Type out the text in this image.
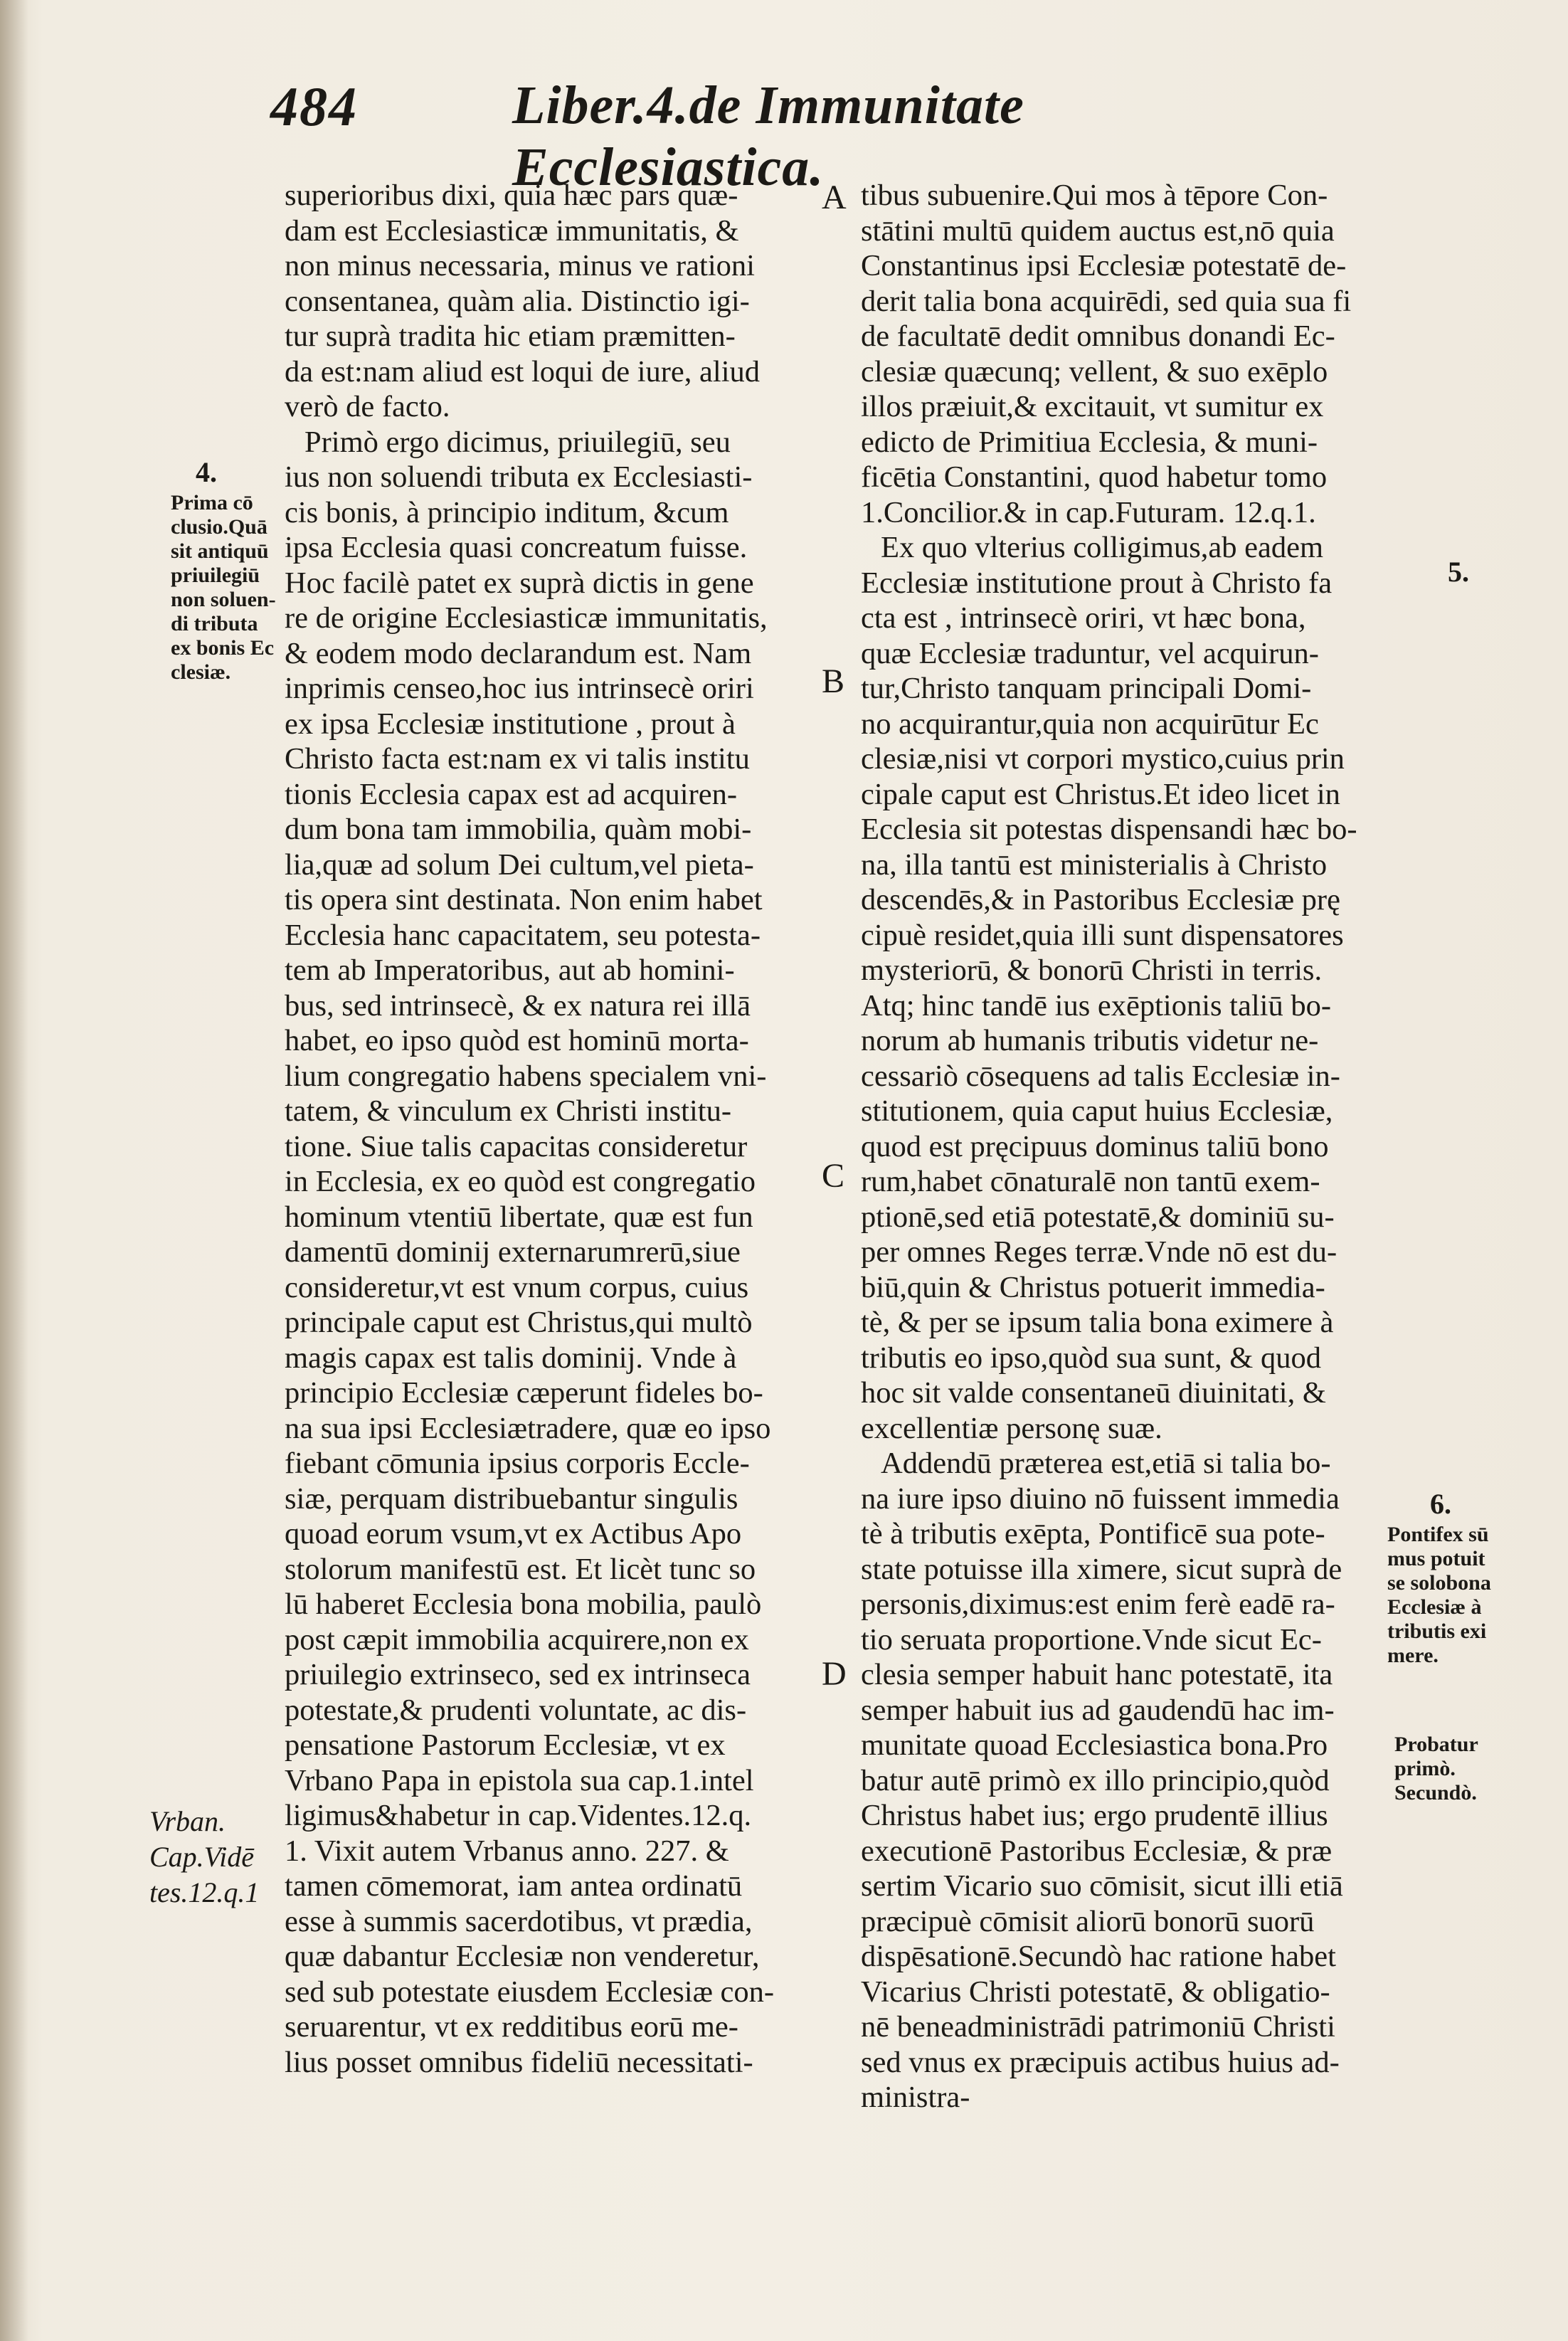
484	Liber.4.de Immunitate Ecclesiastica.
superioribus dixi, quia hæc pars quæ-
dam est Ecclesiasticæ immunitatis, &
non minus necessaria, minus ve rationi
consentanea, quàm alia. Distinctio igi-
tur suprà tradita hic etiam præmitten-
da est:nam aliud est loqui de iure, aliud
verò de facto.
Primò ergo dicimus, priuilegiū, seu
ius non soluendi tributa ex Ecclesiasti-
cis bonis, à principio inditum, &cum
ipsa Ecclesia quasi concreatum fuisse.
Hoc facilè patet ex suprà dictis in gene
re de origine Ecclesiasticæ immunitatis,
& eodem modo declarandum est. Nam
inprimis censeo,hoc ius intrinsecè oriri
ex ipsa Ecclesiæ institutione , prout à
Christo facta est:nam ex vi talis institu
tionis Ecclesia capax est ad acquiren-
dum bona tam immobilia, quàm mobi-
lia,quæ ad solum Dei cultum,vel pieta-
tis opera sint destinata. Non enim habet
Ecclesia hanc capacitatem, seu potesta-
tem ab Imperatoribus, aut ab homini-
bus, sed intrinsecè, & ex natura rei illā
habet, eo ipso quòd est hominū morta-
lium congregatio habens specialem vni-
tatem, & vinculum ex Christi institu-
tione. Siue talis capacitas consideretur
in Ecclesia, ex eo quòd est congregatio
hominum vtentiū libertate, quæ est fun
damentū dominij externarumrerū,siue
consideretur,vt est vnum corpus, cuius
principale caput est Christus,qui multò
magis capax est talis dominij. Vnde à
principio Ecclesiæ cæperunt fideles bo-
na sua ipsi Ecclesiætradere, quæ eo ipso
fiebant cōmunia ipsius corporis Eccle-
siæ, perquam distribuebantur singulis
quoad eorum vsum,vt ex Actibus Apo
stolorum manifestū est. Et licèt tunc so
lū haberet Ecclesia bona mobilia, paulò
post cæpit immobilia acquirere,non ex
priuilegio extrinseco, sed ex intrinseca
potestate,& prudenti voluntate, ac dis-
pensatione Pastorum Ecclesiæ, vt ex
Vrbano Papa in epistola sua cap.1.intel
ligimus&habetur in cap.Videntes.12.q.
1. Vixit autem Vrbanus anno. 227. &
tamen cōmemorat, iam antea ordinatū
esse à summis sacerdotibus, vt prædia,
quæ dabantur Ecclesiæ non venderetur,
sed sub potestate eiusdem Ecclesiæ con-
seruarentur, vt ex redditibus eorū me-
lius posset omnibus fideliū necessitati-
tibus subuenire.Qui mos à tēpore Con-
stātini multū quidem auctus est,nō quia
Constantinus ipsi Ecclesiæ potestatē de-
derit talia bona acquirēdi, sed quia sua fi
de facultatē dedit omnibus donandi Ec-
clesiæ quæcunq; vellent, & suo exēplo
illos præiuit,& excitauit, vt sumitur ex
edicto de Primitiua Ecclesia, & muni-
ficētia Constantini, quod habetur tomo
1.Concilior.& in cap.Futuram. 12.q.1.
Ex quo vlterius colligimus,ab eadem
Ecclesiæ institutione prout à Christo fa
cta est , intrinsecè oriri, vt hæc bona,
quæ Ecclesiæ traduntur, vel acquirun-
tur,Christo tanquam principali Domi-
no acquirantur,quia non acquirūtur Ec
clesiæ,nisi vt corpori mystico,cuius prin
cipale caput est Christus.Et ideo licet in
Ecclesia sit potestas dispensandi hæc bo-
na, illa tantū est ministerialis à Christo
descendēs,& in Pastoribus Ecclesiæ prę
cipuè residet,quia illi sunt dispensatores
mysteriorū, & bonorū Christi in terris.
Atq; hinc tandē ius exēptionis taliū bo-
norum ab humanis tributis videtur ne-
cessariò cōsequens ad talis Ecclesiæ in-
stitutionem, quia caput huius Ecclesiæ,
quod est pręcipuus dominus taliū bono
rum,habet cōnaturalē non tantū exem-
ptionē,sed etiā potestatē,& dominiū su-
per omnes Reges terræ.Vnde nō est du-
biū,quin & Christus potuerit immedia-
tè, & per se ipsum talia bona eximere à
tributis eo ipso,quòd sua sunt, & quod
hoc sit valde consentaneū diuinitati, &
excellentiæ personę suæ.
Addendū præterea est,etiā si talia bo-
na iure ipso diuino nō fuissent immedia
tè à tributis exēpta, Pontificē sua pote-
state potuisse illa ximere, sicut suprà de
personis,diximus:est enim ferè eadē ra-
tio seruata proportione.Vnde sicut Ec-
clesia semper habuit hanc potestatē, ita
semper habuit ius ad gaudendū hac im-
munitate quoad Ecclesiastica bona.Pro
batur autē primò ex illo principio,quòd
Christus habet ius; ergo prudentē illius
executionē Pastoribus Ecclesiæ, & præ
sertim Vicario suo cōmisit, sicut illi etiā
præcipuè cōmisit aliorū bonorū suorū
dispēsationē.Secundò hac ratione habet
Vicarius Christi potestatē, & obligatio-
nē beneadministrādi patrimoniū Christi
sed vnus ex præcipuis actibus huius ad-
ministra-
A
B
C
D
4.
Prima cō
clusio.Quā
sit antiquū
priuilegiū
non soluen-
di tributa
ex bonis Ec
clesiæ.
Vrban.
Cap.Vidē
tes.12.q.1
5.
6.
Pontifex sū
mus potuit
se solobona
Ecclesiæ à
tributis exi
mere.
Probatur
primò.
Secundò.
